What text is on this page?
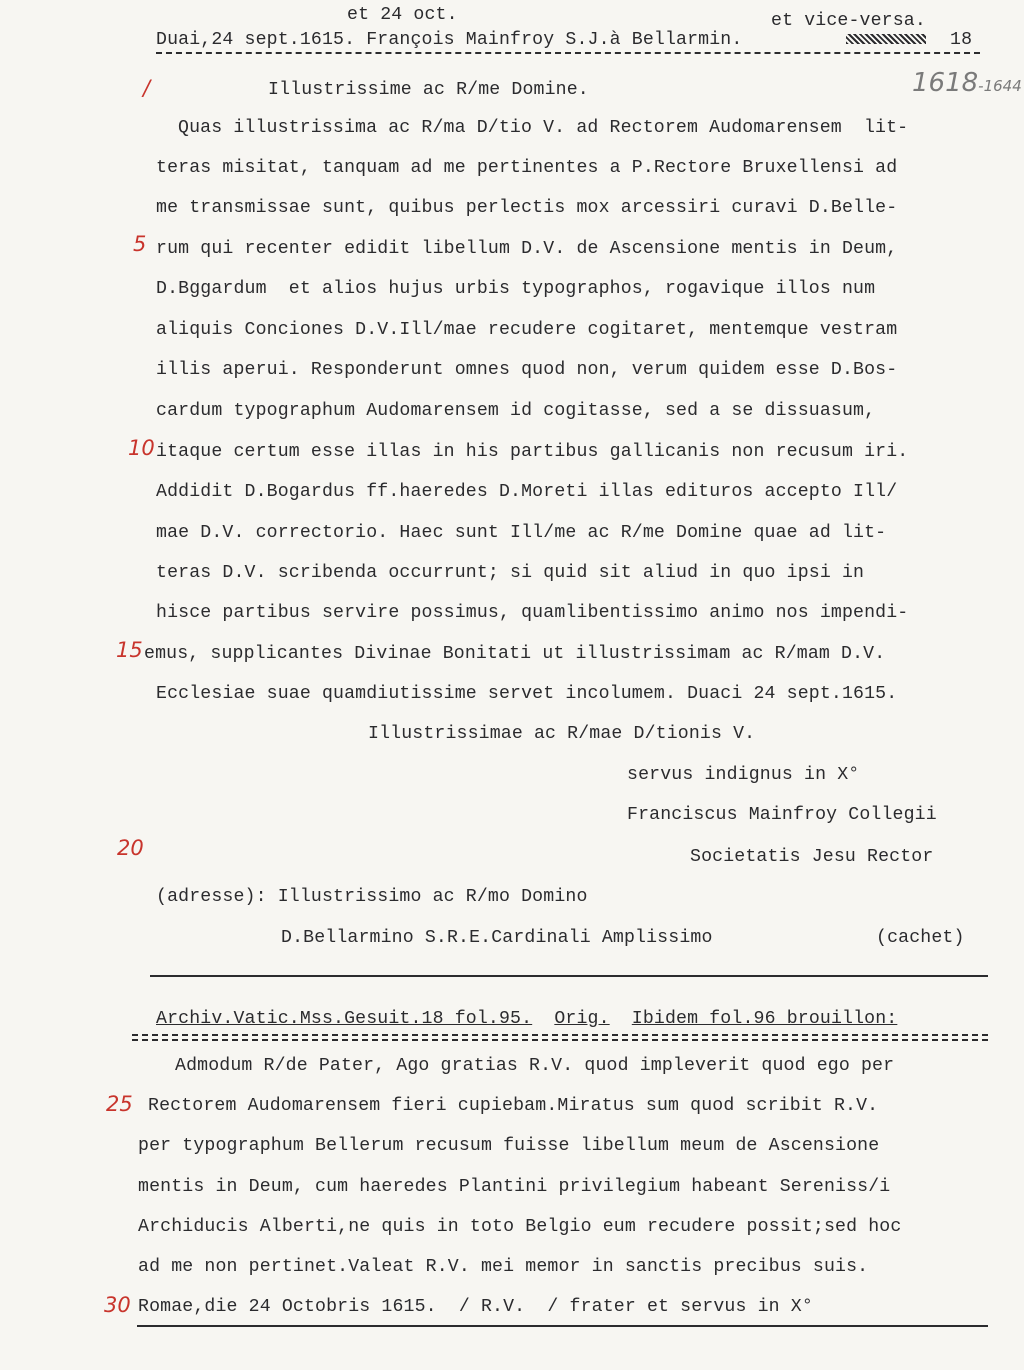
et 24 oct.	et vice-versa.
Duai,24 sept.1615. François Mainfroy S.J.à Bellarmin.	18
1618-1644
/
5
10
15
20
25
30
Illustrissime ac R/me Domine.
Quas illustrissima ac R/ma D/tio V. ad Rectorem Audomarensem  lit-
teras misitat, tanquam ad me pertinentes a P.Rectore Bruxellensi ad
me transmissae sunt, quibus perlectis mox arcessiri curavi D.Belle-
rum qui recenter edidit libellum D.V. de Ascensione mentis in Deum,
D.Bggardum  et alios hujus urbis typographos, rogavique illos num
aliquis Conciones D.V.Ill/mae recudere cogitaret, mentemque vestram
illis aperui. Responderunt omnes quod non, verum quidem esse D.Bos-
cardum typographum Audomarensem id cogitasse, sed a se dissuasum,
itaque certum esse illas in his partibus gallicanis non recusum iri.
Addidit D.Bogardus ff.haeredes D.Moreti illas edituros accepto Ill/
mae D.V. correctorio. Haec sunt Ill/me ac R/me Domine quae ad lit-
teras D.V. scribenda occurrunt; si quid sit aliud in quo ipsi in
hisce partibus servire possimus, quamlibentissimo animo nos impendi-
emus, supplicantes Divinae Bonitati ut illustrissimam ac R/mam D.V.
Ecclesiae suae quamdiutissime servet incolumem. Duaci 24 sept.1615.
Illustrissimae ac R/mae D/tionis V.
servus indignus in X°
Franciscus Mainfroy Collegii
Societatis Jesu Rector
(adresse): Illustrissimo ac R/mo Domino
D.Bellarmino S.R.E.Cardinali Amplissimo	(cachet)
Archiv.Vatic.Mss.Gesuit.18 fol.95. Orig. Ibidem fol.96 brouillon:
Admodum R/de Pater, Ago gratias R.V. quod impleverit quod ego per
Rectorem Audomarensem fieri cupiebam.Miratus sum quod scribit R.V.
per typographum Bellerum recusum fuisse libellum meum de Ascensione
mentis in Deum, cum haeredes Plantini privilegium habeant Sereniss/i
Archiducis Alberti,ne quis in toto Belgio eum recudere possit;sed hoc
ad me non pertinet.Valeat R.V. mei memor in sanctis precibus suis.
Romae,die 24 Octobris 1615.  / R.V.  / frater et servus in X°
